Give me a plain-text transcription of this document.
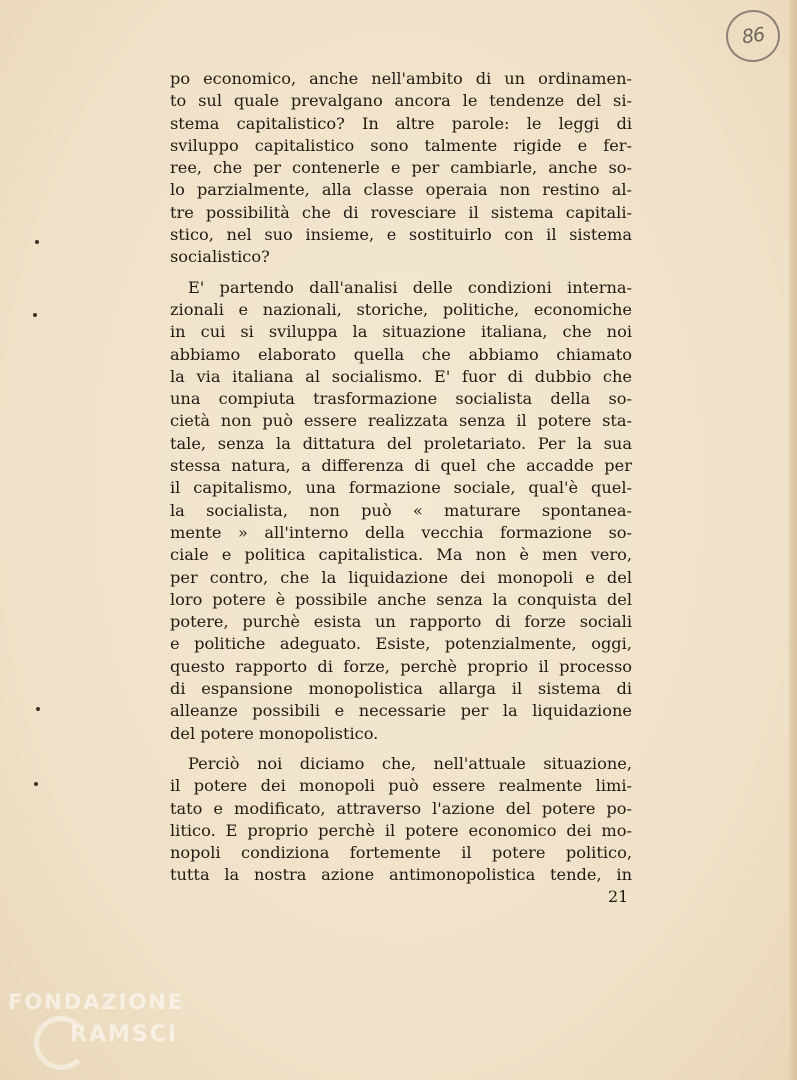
86
po economico, anche nell'ambito di un ordinamen-
to sul quale prevalgano ancora le tendenze del si-
stema capitalistico? In altre parole: le leggi di
sviluppo capitalistico sono talmente rigide e fer-
ree, che per contenerle e per cambiarle, anche so-
lo parzialmente, alla classe operaia non restino al-
tre possibilità che di rovesciare il sistema capitali-
stico, nel suo insieme, e sostituirlo con il sistema
socialistico?
E' partendo dall'analisi delle condizioni interna-
zionali e nazionali, storiche, politiche, economiche
in cui si sviluppa la situazione italiana, che noi
abbiamo elaborato quella che abbiamo chiamato
la via italiana al socialismo. E' fuor di dubbio che
una compiuta trasformazione socialista della so-
cietà non può essere realizzata senza il potere sta-
tale, senza la dittatura del proletariato. Per la sua
stessa natura, a differenza di quel che accadde per
il capitalismo, una formazione sociale, qual'è quel-
la socialista, non può « maturare spontanea-
mente » all'interno della vecchia formazione so-
ciale e politica capitalistica. Ma non è men vero,
per contro, che la liquidazione dei monopoli e del
loro potere è possibile anche senza la conquista del
potere, purchè esista un rapporto di forze sociali
e politiche adeguato. Esiste, potenzialmente, oggi,
questo rapporto di forze, perchè proprio il processo
di espansione monopolistica allarga il sistema di
alleanze possibili e necessarie per la liquidazione
del potere monopolistico.
Perciò noi diciamo che, nell'attuale situazione,
il potere dei monopoli può essere realmente limi-
tato e modificato, attraverso l'azione del potere po-
litico. E proprio perchè il potere economico dei mo-
nopoli condiziona fortemente il potere politico,
tutta la nostra azione antimonopolistica tende, in
21
FONDAZIONE
RAMSCI
